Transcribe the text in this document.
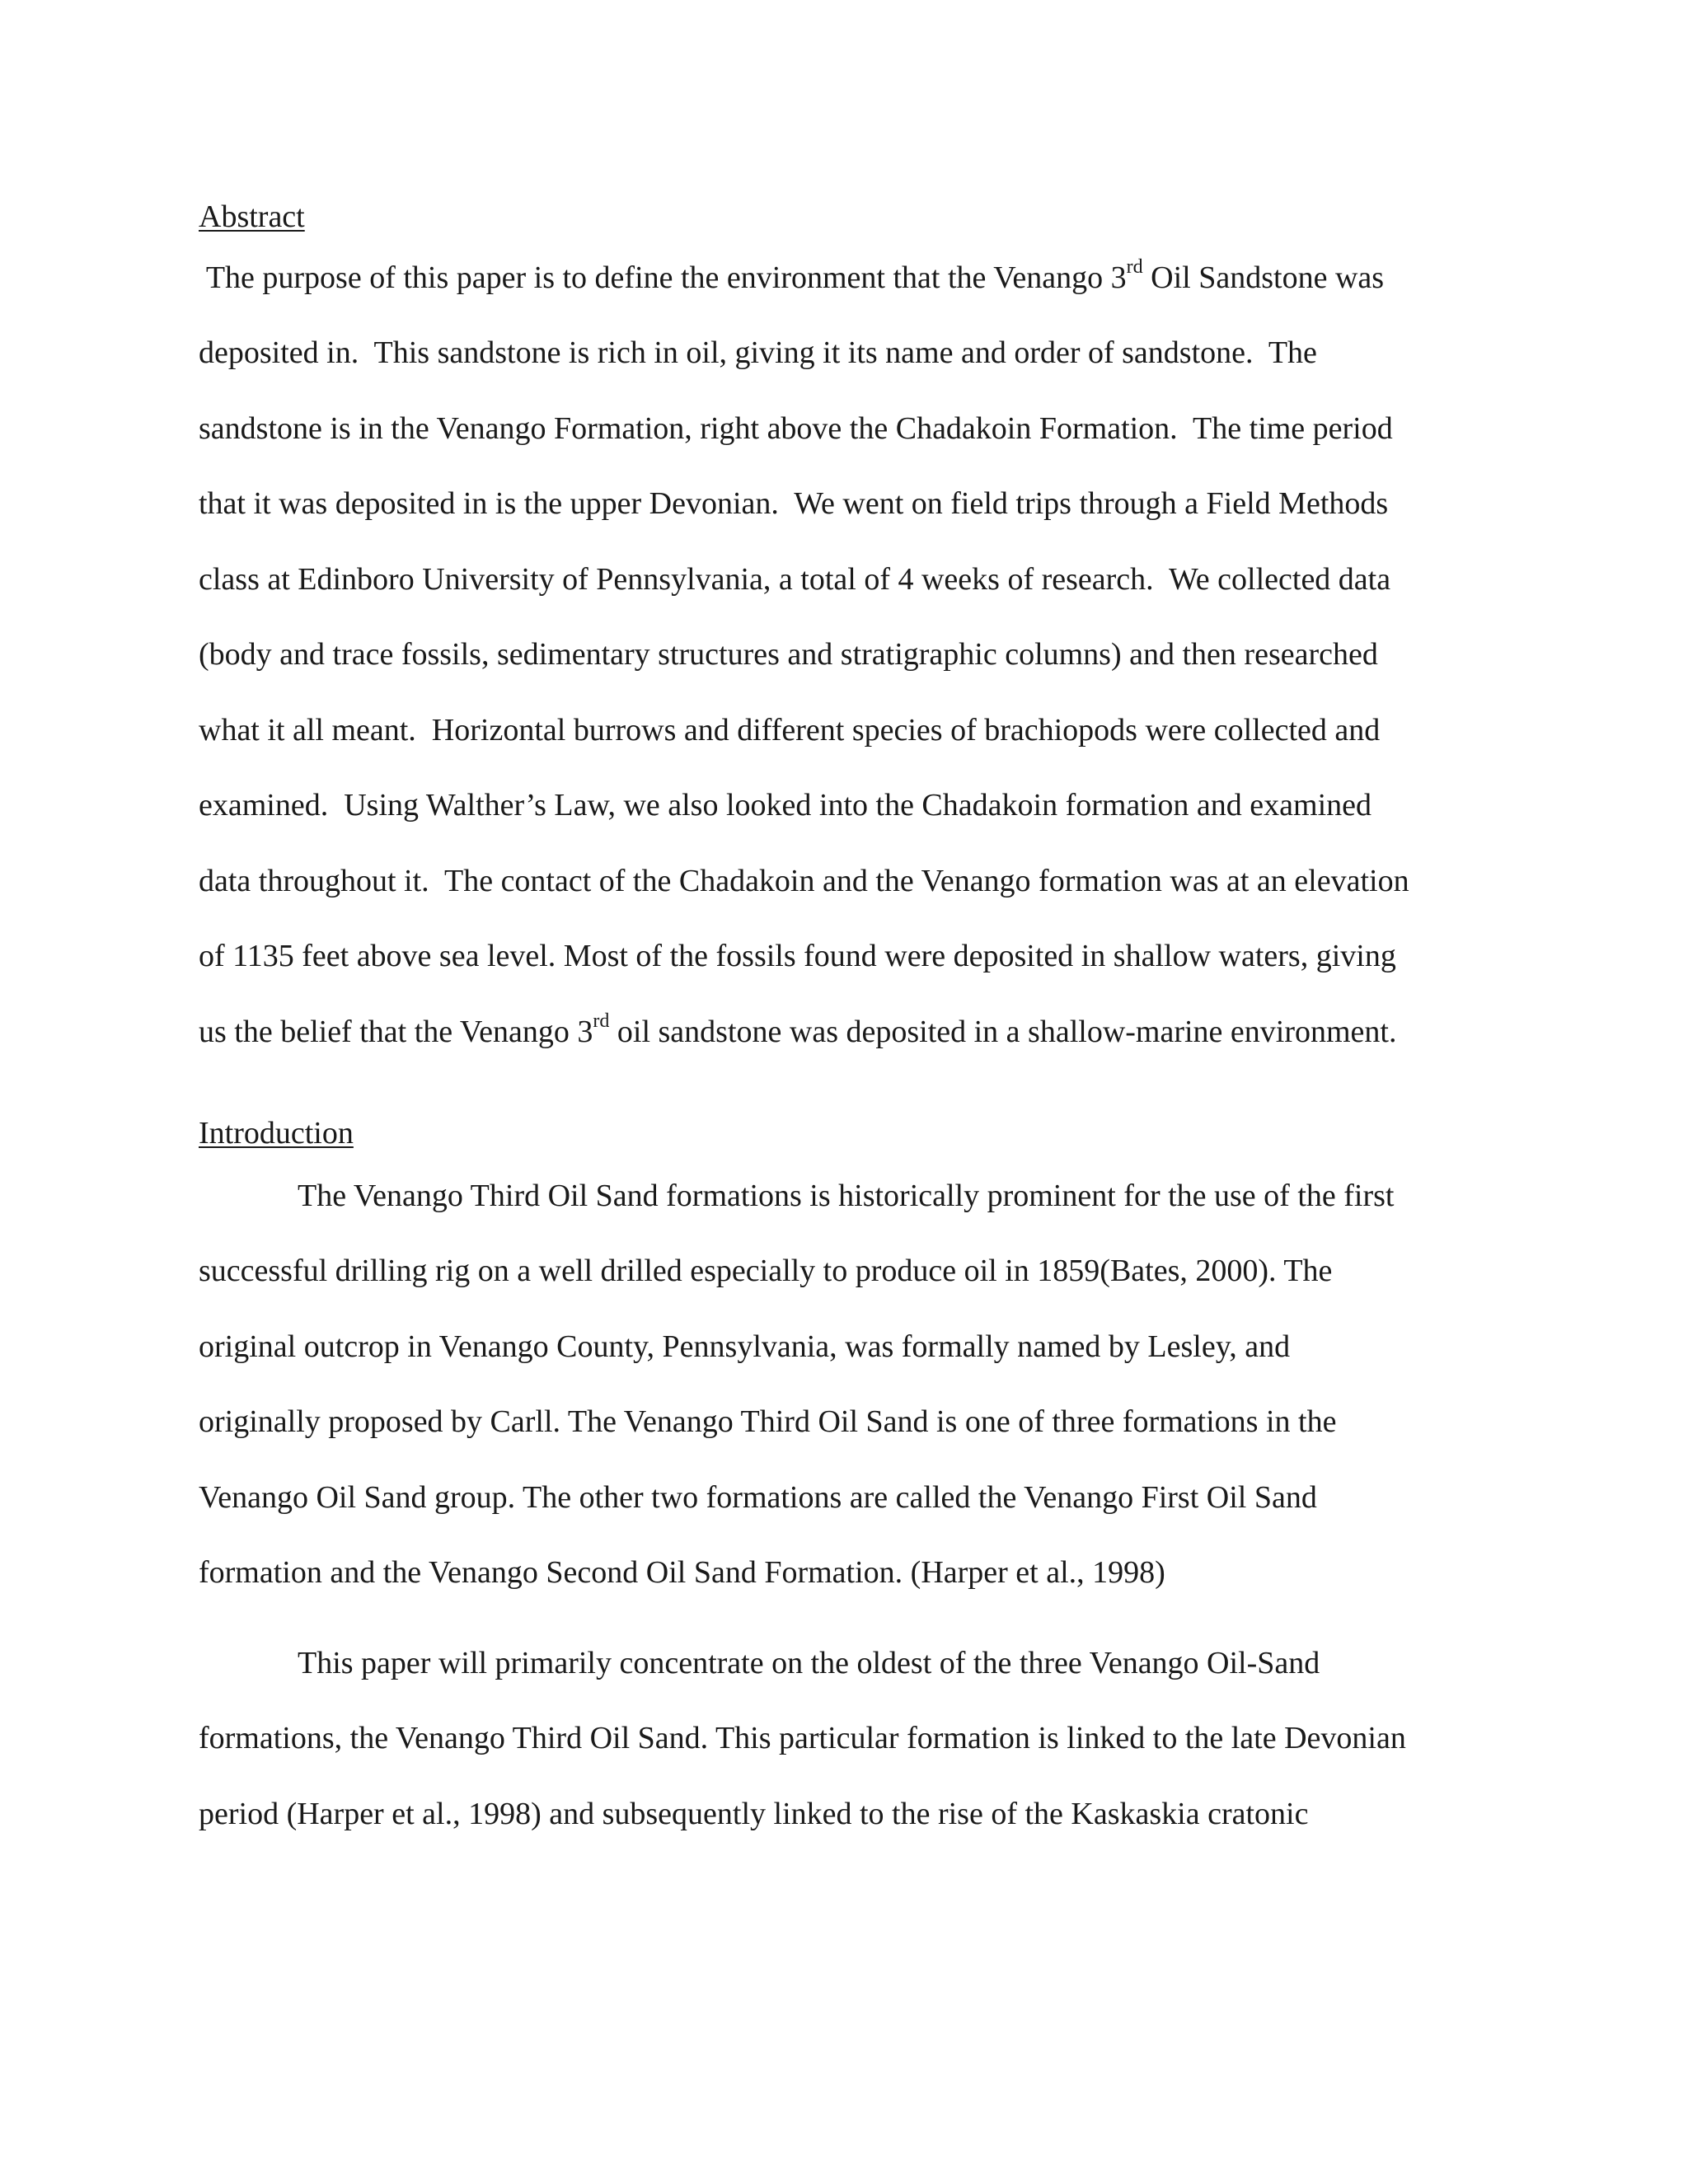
Abstract
The purpose of this paper is to define the environment that the Venango 3rd Oil Sandstone was
deposited in.  This sandstone is rich in oil, giving it its name and order of sandstone.  The
sandstone is in the Venango Formation, right above the Chadakoin Formation.  The time period
that it was deposited in is the upper Devonian.  We went on field trips through a Field Methods
class at Edinboro University of Pennsylvania, a total of 4 weeks of research.  We collected data
(body and trace fossils, sedimentary structures and stratigraphic columns) and then researched
what it all meant.  Horizontal burrows and different species of brachiopods were collected and
examined.  Using Walther’s Law, we also looked into the Chadakoin formation and examined
data throughout it.  The contact of the Chadakoin and the Venango formation was at an elevation
of 1135 feet above sea level. Most of the fossils found were deposited in shallow waters, giving
us the belief that the Venango 3rd oil sandstone was deposited in a shallow-marine environment.
Introduction
The Venango Third Oil Sand formations is historically prominent for the use of the first
successful drilling rig on a well drilled especially to produce oil in 1859(Bates, 2000). The
original outcrop in Venango County, Pennsylvania, was formally named by Lesley, and
originally proposed by Carll. The Venango Third Oil Sand is one of three formations in the
Venango Oil Sand group. The other two formations are called the Venango First Oil Sand
formation and the Venango Second Oil Sand Formation. (Harper et al., 1998)
This paper will primarily concentrate on the oldest of the three Venango Oil-Sand
formations, the Venango Third Oil Sand. This particular formation is linked to the late Devonian
period (Harper et al., 1998) and subsequently linked to the rise of the Kaskaskia cratonic
